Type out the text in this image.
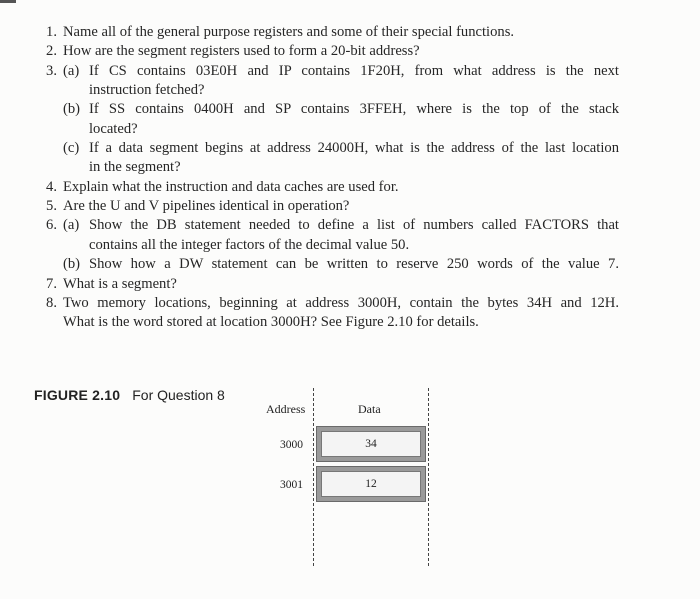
1. Name all of the general purpose registers and some of their special functions.
2. How are the segment registers used to form a 20-bit address?
3. (a) If CS contains 03E0H and IP contains 1F20H, from what address is the next
instruction fetched?
(b) If SS contains 0400H and SP contains 3FFEH, where is the top of the stack
located?
(c) If a data segment begins at address 24000H, what is the address of the last location
in the segment?
4. Explain what the instruction and data caches are used for.
5. Are the U and V pipelines identical in operation?
6. (a) Show the DB statement needed to define a list of numbers called FACTORS that
contains all the integer factors of the decimal value 50.
(b) Show how a DW statement can be written to reserve 250 words of the value 7.
7. What is a segment?
8. Two memory locations, beginning at address 3000H, contain the bytes 34H and 12H.
What is the word stored at location 3000H? See Figure 2.10 for details.
FIGURE 2.10 For Question 8
Address	Data
3000	34
3001	12
